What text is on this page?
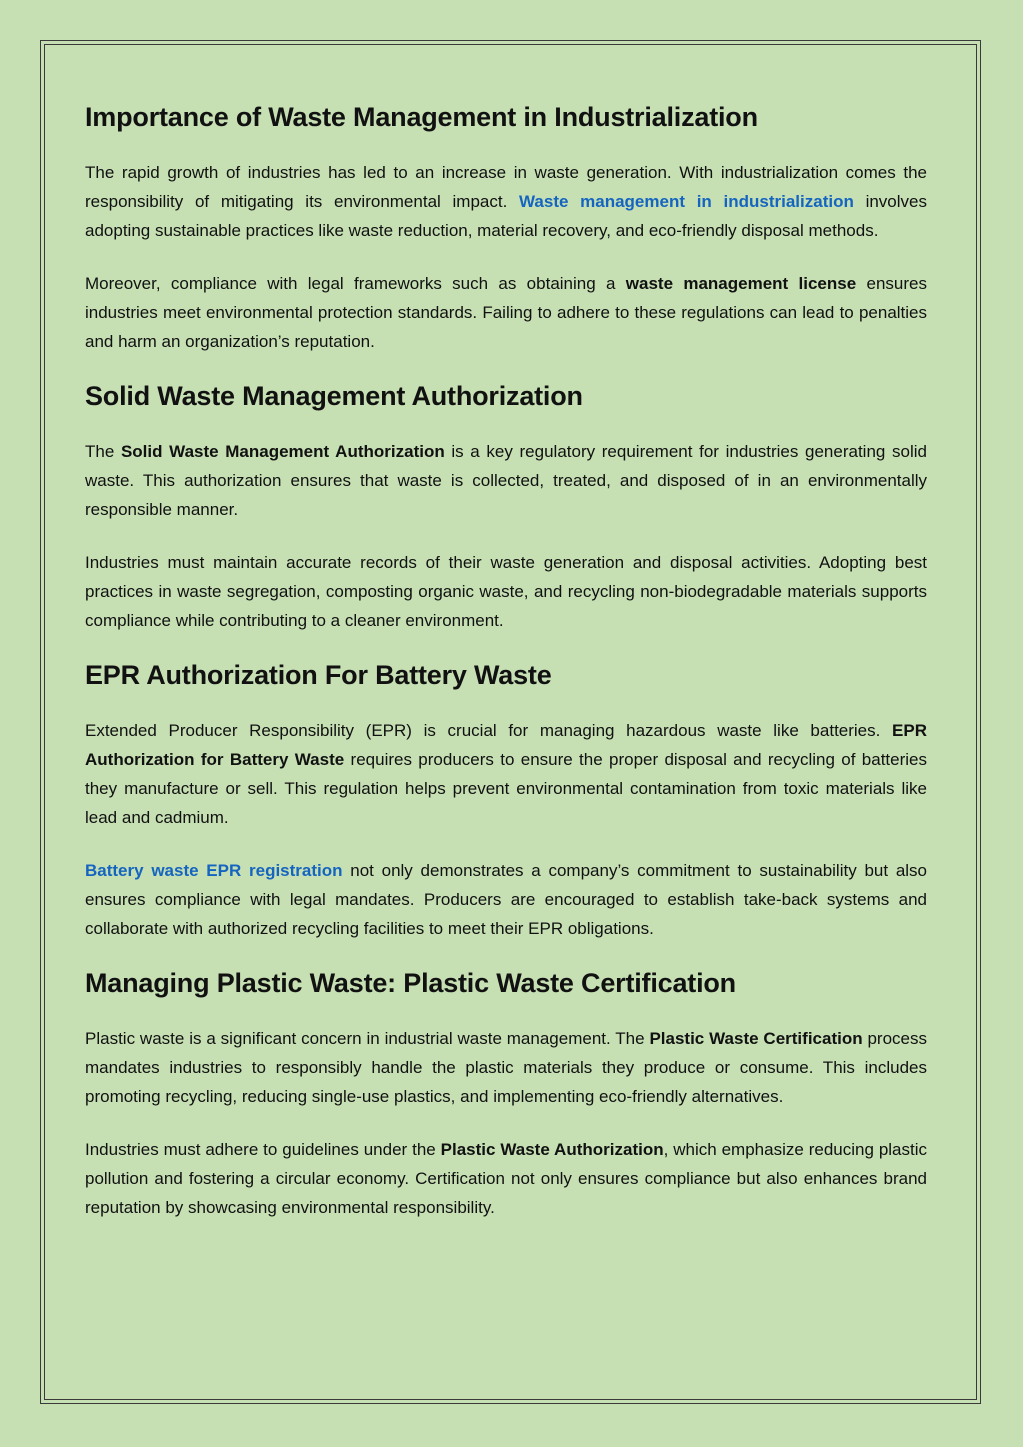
Importance of Waste Management in Industrialization

The rapid growth of industries has led to an increase in waste generation. With industrialization comes the responsibility of mitigating its environmental impact. Waste management in industrialization involves adopting sustainable practices like waste reduction, material recovery, and eco-friendly disposal methods.

Moreover, compliance with legal frameworks such as obtaining a waste management license ensures industries meet environmental protection standards. Failing to adhere to these regulations can lead to penalties and harm an organization’s reputation.

Solid Waste Management Authorization

The Solid Waste Management Authorization is a key regulatory requirement for industries generating solid waste. This authorization ensures that waste is collected, treated, and disposed of in an environmentally responsible manner.

Industries must maintain accurate records of their waste generation and disposal activities. Adopting best practices in waste segregation, composting organic waste, and recycling non-biodegradable materials supports compliance while contributing to a cleaner environment.

EPR Authorization For Battery Waste

Extended Producer Responsibility (EPR) is crucial for managing hazardous waste like batteries. EPR Authorization for Battery Waste requires producers to ensure the proper disposal and recycling of batteries they manufacture or sell. This regulation helps prevent environmental contamination from toxic materials like lead and cadmium.

Battery waste EPR registration not only demonstrates a company’s commitment to sustainability but also ensures compliance with legal mandates. Producers are encouraged to establish take-back systems and collaborate with authorized recycling facilities to meet their EPR obligations.

Managing Plastic Waste: Plastic Waste Certification

Plastic waste is a significant concern in industrial waste management. The Plastic Waste Certification process mandates industries to responsibly handle the plastic materials they produce or consume. This includes promoting recycling, reducing single-use plastics, and implementing eco-friendly alternatives.

Industries must adhere to guidelines under the Plastic Waste Authorization, which emphasize reducing plastic pollution and fostering a circular economy. Certification not only ensures compliance but also enhances brand reputation by showcasing environmental responsibility.
